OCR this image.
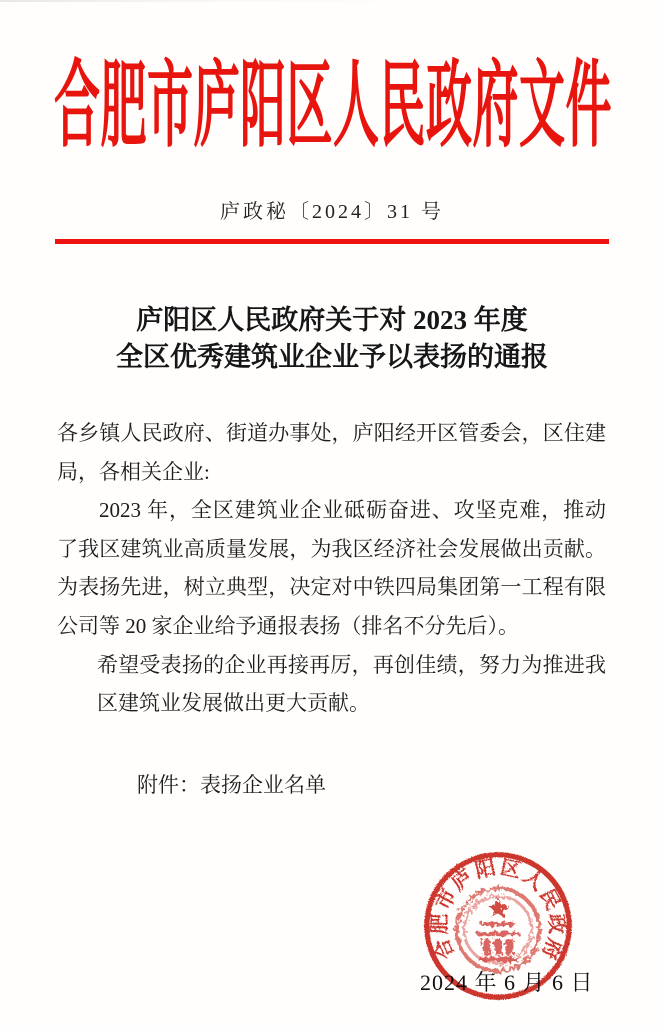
合肥市庐阳区人民政府文件
庐政秘〔2024〕31 号
庐阳区人民政府关于对 2023 年度
全区优秀建筑业企业予以表扬的通报

各乡镇人民政府、街道办事处，庐阳经开区管委会，区住建局，各相关企业:

2023 年，全区建筑业企业砥砺奋进、攻坚克难，推动了我区建筑业高质量发展，为我区经济社会发展做出贡献。为表扬先进，树立典型，决定对中铁四局集团第一工程有限公司等 20 家企业给予通报表扬（排名不分先后）。

希望受表扬的企业再接再厉，再创佳绩，努力为推进我区建筑业发展做出更大贡献。

附件：表扬企业名单

合
肥
市
庐
阳 区
人
民
政
府
2024 年 6 月 6 日
